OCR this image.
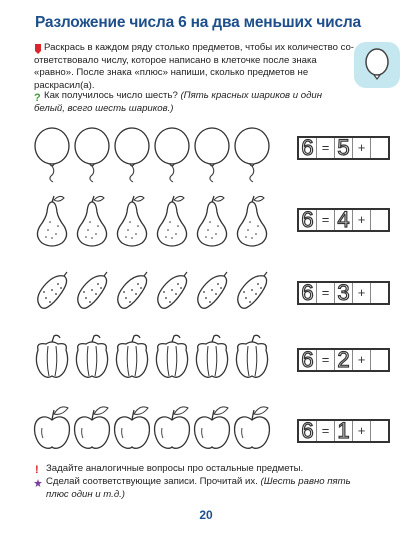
Разложение числа 6 на два меньших числа
Раскрась в каждом ряду столько предметов, чтобы их количество со-ответствовало числу, которое написано в клеточке после знака «равно». После знака «плюс» напиши, сколько предметов не раскрасил(а).
? Как получилось число шесть? (Пять красных шариков и один белый, всего шесть шариков.)
6 = 5 +
6 = 4 +
6 = 3 +
6 = 2 +
6 = 1 +
! Задайте аналогичные вопросы про остальные предметы.
Сделай соответствующие записи. Прочитай их. (Шесть равно пять плюс один и т.д.)
20
